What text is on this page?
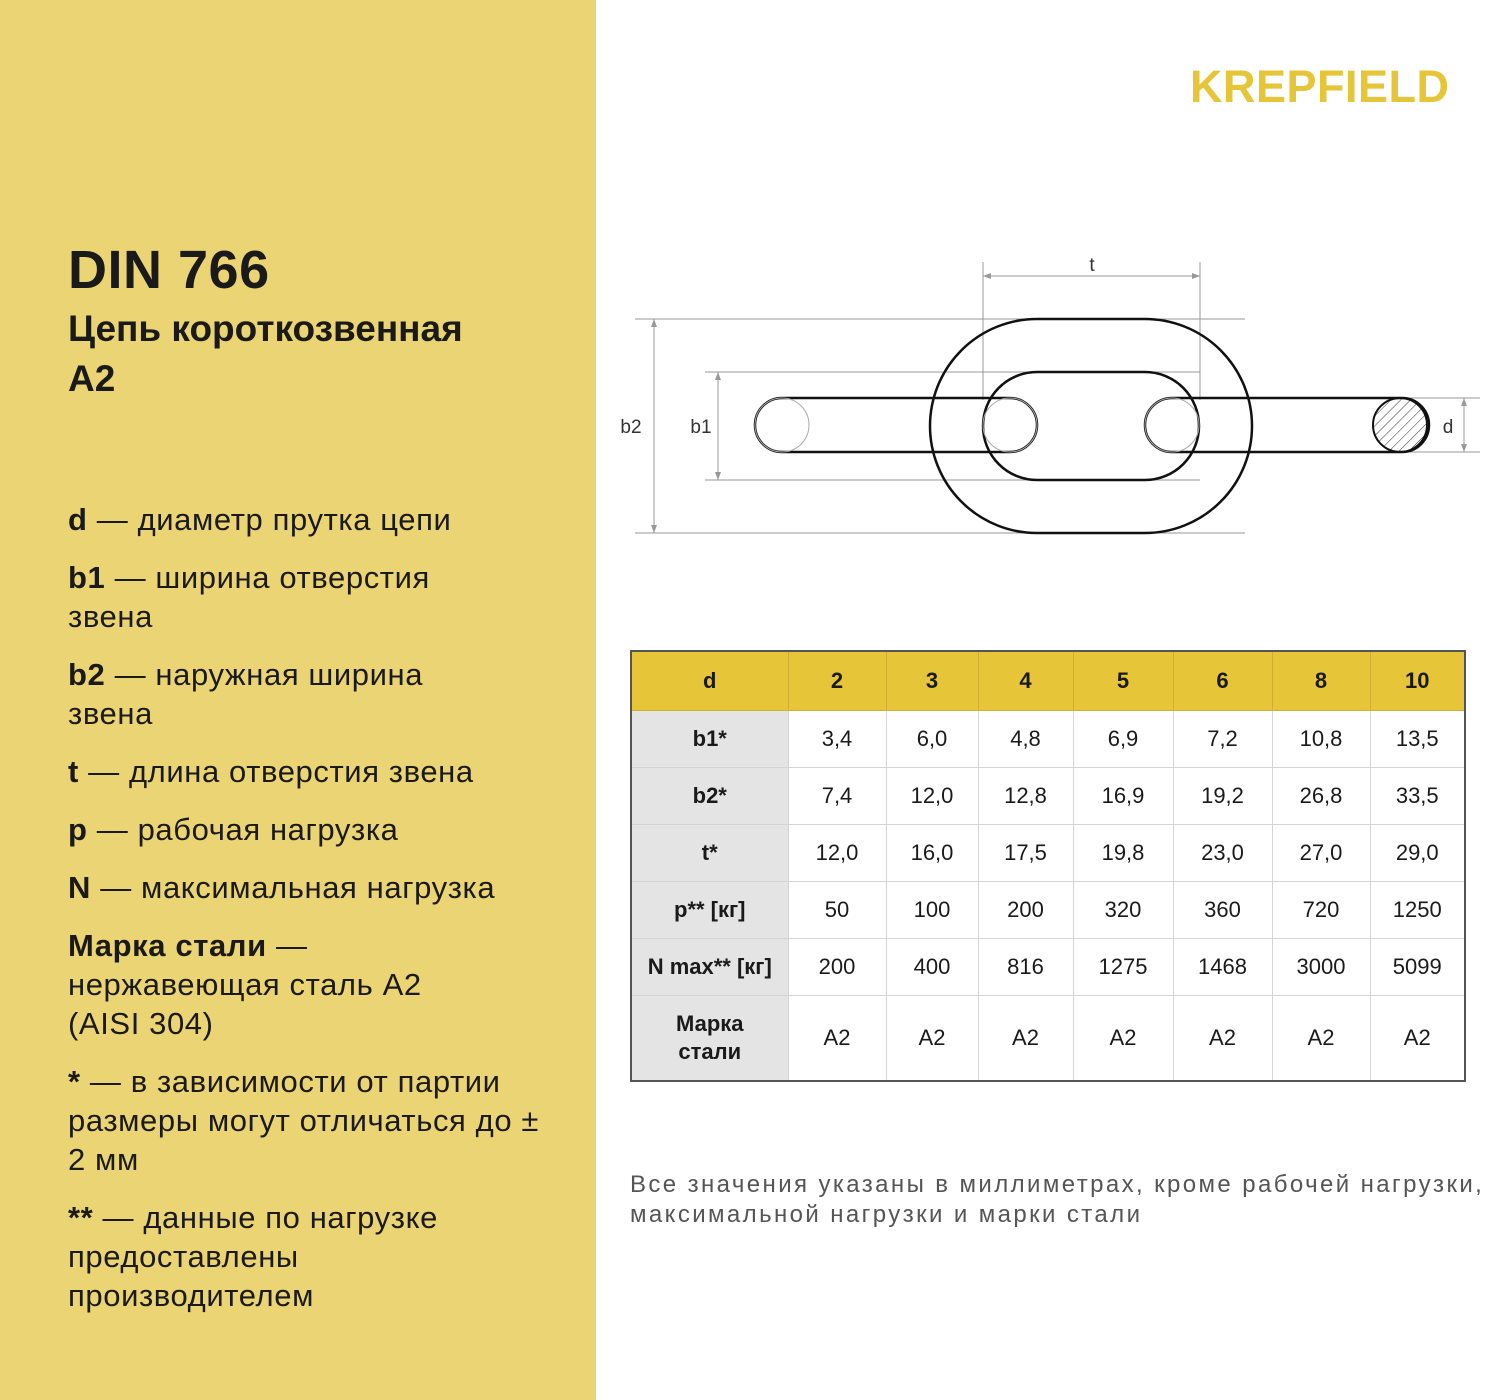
DIN 766
Цепь короткозвенная
A2

d — диаметр прутка цепи

b1 — ширина отверстия звена

b2 — наружная ширина звена

t — длина отверстия звена

p — рабочая нагрузка

N — максимальная нагрузка

Марка стали — нержавеющая сталь A2 (AISI 304)

* — в зависимости от партии размеры могут отличаться до ± 2 мм

** — данные по нагрузке предоставлены производителем

KREPFIELD
t
b2	b1	d
d	2	3	4	5	6	8	10
b1*	3,4	6,0	4,8	6,9	7,2	10,8	13,5
b2*	7,4	12,0	12,8	16,9	19,2	26,8	33,5
t*	12,0	16,0	17,5	19,8	23,0	27,0	29,0
p** [кг]	50	100	200	320	360	720	1250
N max** [кг]	200	400	816	1275	1468	3000	5099
Марка стали	A2	A2	A2	A2	A2	A2	A2
Все значения указаны в миллиметрах, кроме рабочей нагрузки, максимальной нагрузки и марки стали
